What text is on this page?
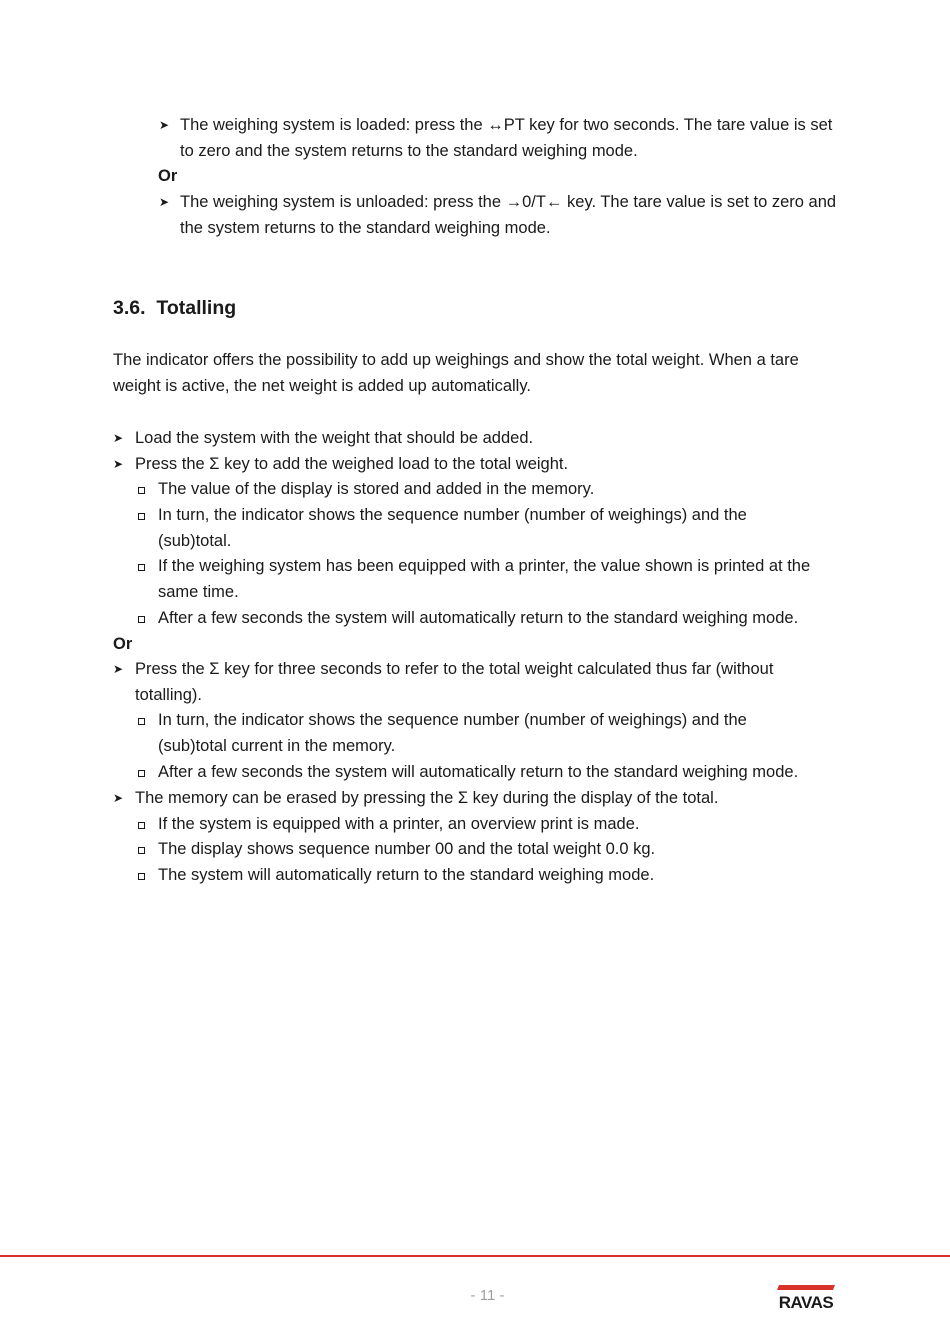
➤ The weighing system is loaded: press the ↔PT key for two seconds. The tare value is set
to zero and the system returns to the standard weighing mode.
Or
➤ The weighing system is unloaded: press the →0/T← key. The tare value is set to zero and
the system returns to the standard weighing mode.
3.6. Totalling
The indicator offers the possibility to add up weighings and show the total weight. When a tare
weight is active, the net weight is added up automatically.
➤ Load the system with the weight that should be added.
➤ Press the Σ key to add the weighed load to the total weight.
The value of the display is stored and added in the memory.
In turn, the indicator shows the sequence number (number of weighings) and the
(sub)total.
If the weighing system has been equipped with a printer, the value shown is printed at the
same time.
After a few seconds the system will automatically return to the standard weighing mode.
Or
➤ Press the Σ key for three seconds to refer to the total weight calculated thus far (without
totalling).
In turn, the indicator shows the sequence number (number of weighings) and the
(sub)total current in the memory.
After a few seconds the system will automatically return to the standard weighing mode.
➤ The memory can be erased by pressing the Σ key during the display of the total.
If the system is equipped with a printer, an overview print is made.
The display shows sequence number 00 and the total weight 0.0 kg.
The system will automatically return to the standard weighing mode.
- 11 -	RAVAS
